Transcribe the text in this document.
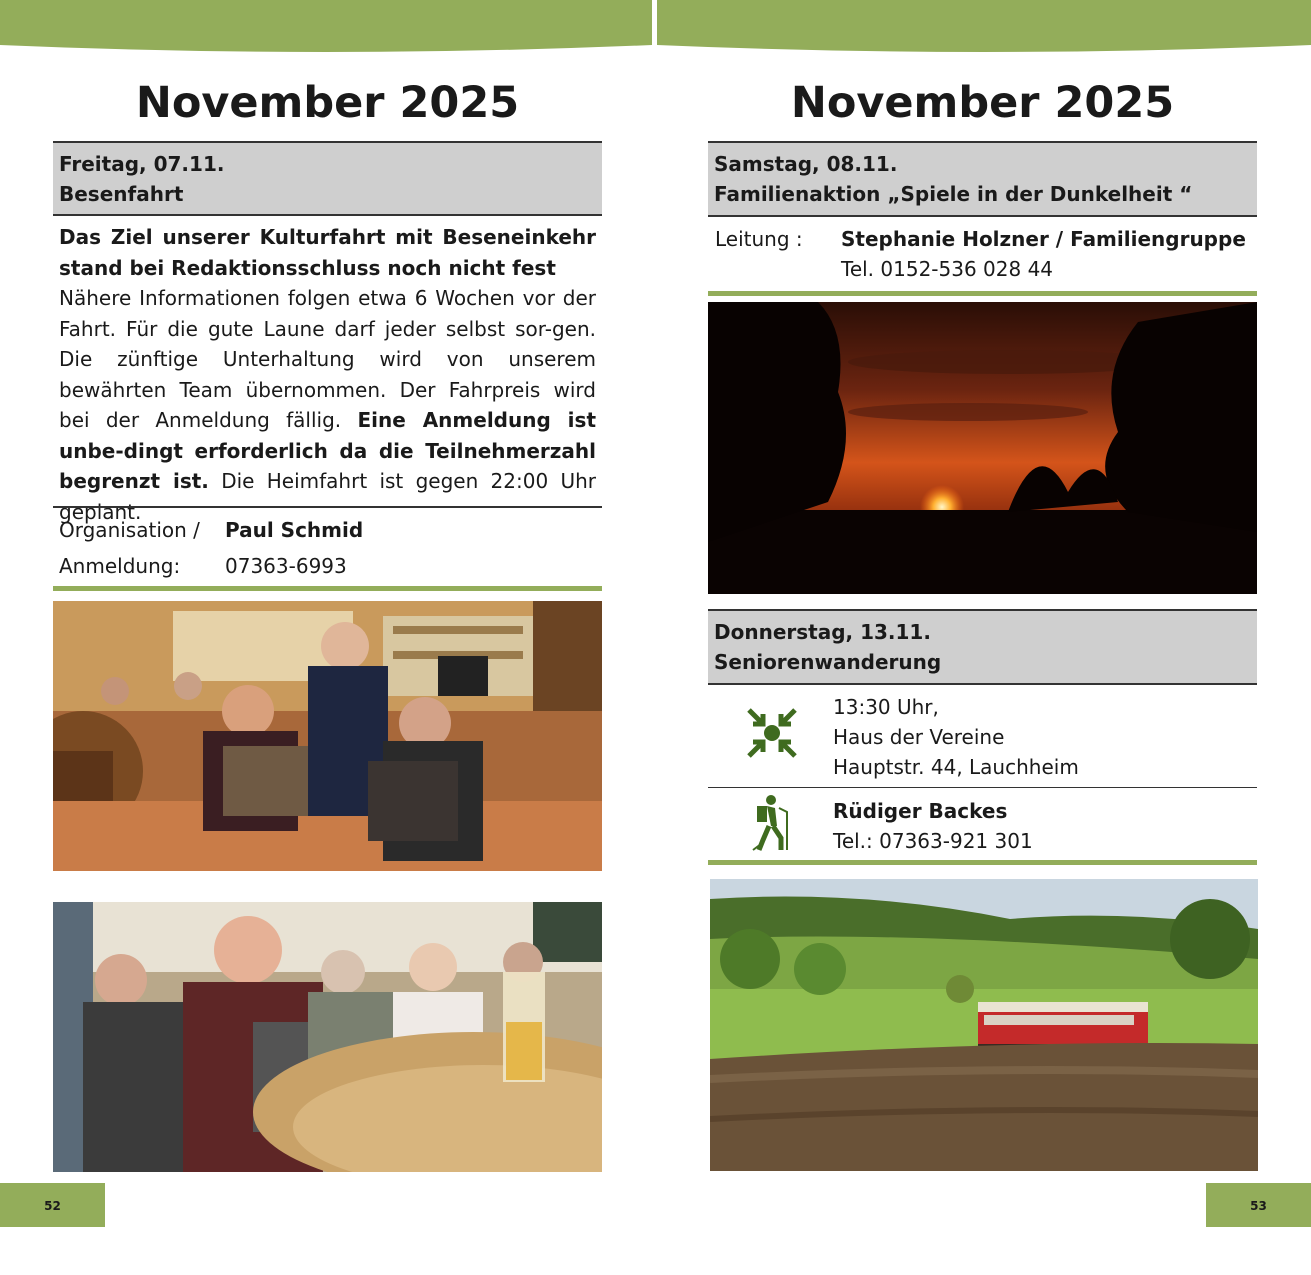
November 2025
Freitag, 07.11.
Besenfahrt
Das Ziel unserer Kulturfahrt mit Beseneinkehr stand bei Redaktionsschluss noch nicht fest
Nähere Informationen folgen etwa 6 Wochen vor der Fahrt. Für die gute Laune darf jeder selbst sor-gen. Die zünftige Unterhaltung wird von unserem bewährten Team übernommen. Der Fahrpreis wird bei der Anmeldung fällig. Eine Anmeldung ist unbe-dingt erforderlich da die Teilnehmerzahl begrenzt ist. Die Heimfahrt ist gegen 22:00 Uhr geplant.
Organisation /
Anmeldung:
Paul Schmid
07363-6993
52
November 2025
Samstag, 08.11.
Familienaktion „Spiele in der Dunkelheit “
Leitung : Stephanie Holzner / Familiengruppe
Tel. 0152-536 028 44
Donnerstag, 13.11.
Seniorenwanderung
13:30 Uhr,
Haus der Vereine
Hauptstr. 44, Lauchheim
Rüdiger Backes
Tel.: 07363-921 301
53
